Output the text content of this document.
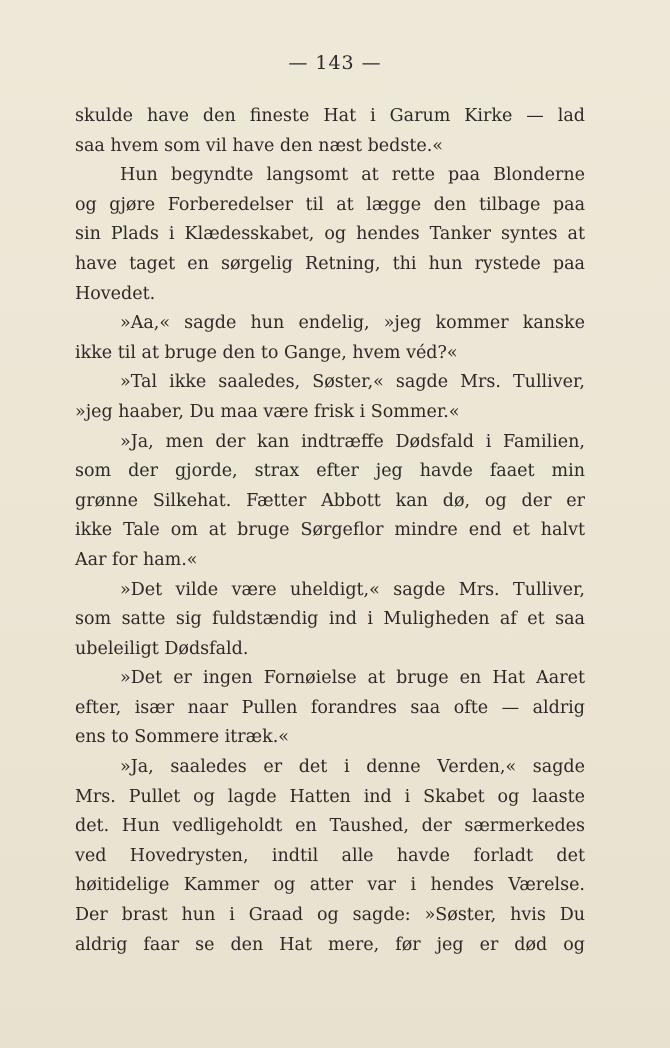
— 143 —
skulde have den fineste Hat i Garum Kirke — lad
saa hvem som vil have den næst bedste.«
Hun begyndte langsomt at rette paa Blonderne
og gjøre Forberedelser til at lægge den tilbage paa
sin Plads i Klædesskabet, og hendes Tanker syntes at
have taget en sørgelig Retning, thi hun rystede paa
Hovedet.
»Aa,« sagde hun endelig, »jeg kommer kanske
ikke til at bruge den to Gange, hvem véd?«
»Tal ikke saaledes, Søster,« sagde Mrs. Tulliver,
»jeg haaber, Du maa være frisk i Sommer.«
»Ja, men der kan indtræffe Dødsfald i Familien,
som der gjorde, strax efter jeg havde faaet min
grønne Silkehat. Fætter Abbott kan dø, og der er
ikke Tale om at bruge Sørgeflor mindre end et halvt
Aar for ham.«
»Det vilde være uheldigt,« sagde Mrs. Tulliver,
som satte sig fuldstændig ind i Muligheden af et saa
ubeleiligt Dødsfald.
»Det er ingen Fornøielse at bruge en Hat Aaret
efter, især naar Pullen forandres saa ofte — aldrig
ens to Sommere itræk.«
»Ja, saaledes er det i denne Verden,« sagde
Mrs. Pullet og lagde Hatten ind i Skabet og laaste
det. Hun vedligeholdt en Taushed, der særmerkedes
ved Hovedrysten, indtil alle havde forladt det
høitidelige Kammer og atter var i hendes Værelse.
Der brast hun i Graad og sagde: »Søster, hvis Du
aldrig faar se den Hat mere, før jeg er død og
